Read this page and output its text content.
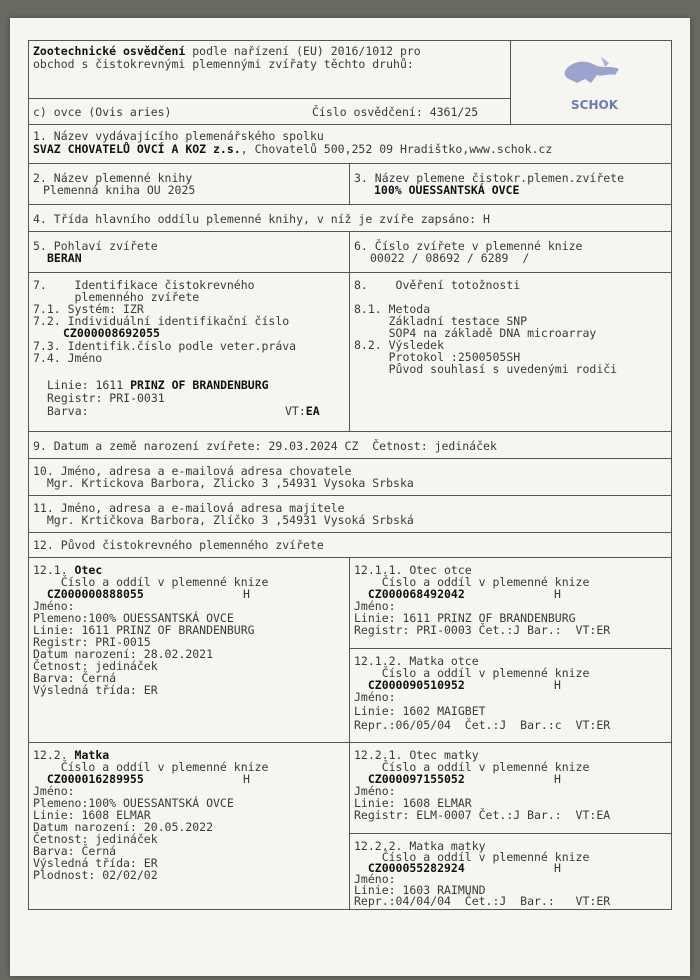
Zootechnické osvědčení podle nařízení (EU) 2016/1012 pro
obchod s čistokrevnými plemennými zvířaty těchto druhů:
c) ovce (Ovis aries)	Číslo osvědčení: 4361/25	SCHOK
1. Název vydávajícího plemenářského spolku
SVAZ CHOVATELŮ OVCÍ A KOZ z.s., Chovatelů 500,252 09 Hradištko,www.schok.cz
2. Název plemenné knihy
Plemenná kniha OU 2025
3. Název plemene čistokr.plemen.zvířete
100% OUESSANTSKÁ OVCE
4. Třída hlavního oddílu plemenné knihy, v níž je zvíře zapsáno: H
5. Pohlaví zvířete
BERAN
6. Číslo zvířete v plemenné knize
00022 / 08692 / 6289  /
7.    Identifikace čistokrevného
plemenného zvířete
7.1. Systém: IZR
7.2. Individuální identifikační číslo
CZ000008692055
7.3. Identifik.číslo podle veter.práva
7.4. Jméno
Linie: 1611 PRINZ OF BRANDENBURG
Registr: PRI-0031
Barva:	VT:EA
8.    Ověření totožnosti
8.1. Metoda
Základní testace SNP
SOP4 na základě DNA microarray
8.2. Výsledek
Protokol :2500505SH
Původ souhlasí s uvedenými rodiči
9. Datum a země narození zvířete: 29.03.2024 CZ  Četnost: jedináček
10. Jméno, adresa a e-mailová adresa chovatele
Mgr. Krtickova Barbora, Zlicko 3 ,54931 Vysoka Srbska
11. Jméno, adresa a e-mailová adresa majitele
Mgr. Krtičkova Barbora, Zlíčko 3 ,54931 Vysoká Srbská
12. Původ čistokrevného plemenného zvířete
12.1. Otec
Číslo a oddíl v plemenné knize
CZ000000888055	H
Jméno:
Plemeno:100% OUESSANTSKÁ OVCE
Linie: 1611 PRINZ OF BRANDENBURG
Registr: PRI-0015
Datum narození: 28.02.2021
Četnost: jedináček
Barva: Černá
Výsledná třída: ER
12.1.1. Otec otce
Číslo a oddíl v plemenné knize
CZ000068492042	H
Jméno:
Linie: 1611 PRINZ OF BRANDENBURG
Registr: PRI-0003 Čet.:J Bar.:  VT:ER
12.1.2. Matka otce
Číslo a oddíl v plemenné knize
CZ000090510952	H
Jméno:
Linie: 1602 MAIGBET
Repr.:06/05/04  Čet.:J  Bar.:c  VT:ER
12.2. Matka
Číslo a oddíl v plemenné knize
CZ000016289955	H
Jméno:
Plemeno:100% OUESSANTSKÁ OVCE
Linie: 1608 ELMAR
Datum narození: 20.05.2022
Četnost: jedináček
Barva: Černá
Výsledná třída: ER
Plodnost: 02/02/02
12.2.1. Otec matky
Číslo a oddíl v plemenné knize
CZ000097155052	H
Jméno:
Linie: 1608 ELMAR
Registr: ELM-0007 Čet.:J Bar.:  VT:EA
12.2.2. Matka matky
Číslo a oddíl v plemenné knize
CZ000055282924	H
Jméno:
Linie: 1603 RAIMUND
Repr.:04/04/04  Čet.:J  Bar.:   VT:ER
